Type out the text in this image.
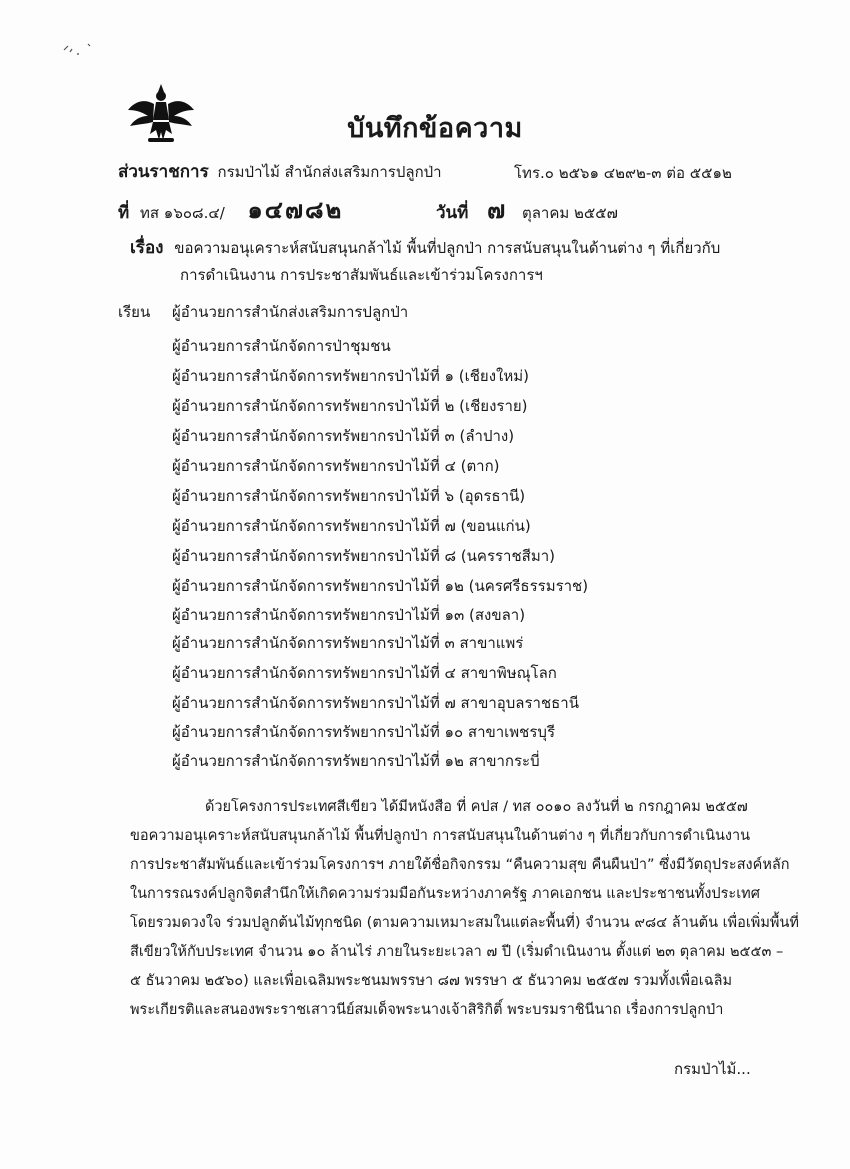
บันทึกข้อความ
ส่วนราชการ กรมป่าไม้ สำนักส่งเสริมการปลูกป่า	โทร.๐ ๒๕๖๑ ๔๒๙๒-๓ ต่อ ๕๕๑๒
ที่ ทส ๑๖๐๘.๔/ ๑๔๗๘๒	วันที่ ๗ ตุลาคม ๒๕๕๗
เรื่อง ขอความอนุเคราะห์สนับสนุนกล้าไม้ พื้นที่ปลูกป่า การสนับสนุนในด้านต่าง ๆ ที่เกี่ยวกับ
การดำเนินงาน การประชาสัมพันธ์และเข้าร่วมโครงการฯ
เรียน ผู้อำนวยการสำนักส่งเสริมการปลูกป่า
ผู้อำนวยการสำนักจัดการป่าชุมชน
ผู้อำนวยการสำนักจัดการทรัพยากรป่าไม้ที่ ๑ (เชียงใหม่)
ผู้อำนวยการสำนักจัดการทรัพยากรป่าไม้ที่ ๒ (เชียงราย)
ผู้อำนวยการสำนักจัดการทรัพยากรป่าไม้ที่ ๓ (ลำปาง)
ผู้อำนวยการสำนักจัดการทรัพยากรป่าไม้ที่ ๔ (ตาก)
ผู้อำนวยการสำนักจัดการทรัพยากรป่าไม้ที่ ๖ (อุดรธานี)
ผู้อำนวยการสำนักจัดการทรัพยากรป่าไม้ที่ ๗ (ขอนแก่น)
ผู้อำนวยการสำนักจัดการทรัพยากรป่าไม้ที่ ๘ (นครราชสีมา)
ผู้อำนวยการสำนักจัดการทรัพยากรป่าไม้ที่ ๑๒ (นครศรีธรรมราช)
ผู้อำนวยการสำนักจัดการทรัพยากรป่าไม้ที่ ๑๓ (สงขลา)
ผู้อำนวยการสำนักจัดการทรัพยากรป่าไม้ที่ ๓ สาขาแพร่
ผู้อำนวยการสำนักจัดการทรัพยากรป่าไม้ที่ ๔ สาขาพิษณุโลก
ผู้อำนวยการสำนักจัดการทรัพยากรป่าไม้ที่ ๗ สาขาอุบลราชธานี
ผู้อำนวยการสำนักจัดการทรัพยากรป่าไม้ที่ ๑๐ สาขาเพชรบุรี
ผู้อำนวยการสำนักจัดการทรัพยากรป่าไม้ที่ ๑๒ สาขากระบี่
ด้วยโครงการประเทศสีเขียว ได้มีหนังสือ ที่ คปส / ทส ๐๐๑๐ ลงวันที่ ๒ กรกฎาคม ๒๕๕๗
ขอความอนุเคราะห์สนับสนุนกล้าไม้ พื้นที่ปลูกป่า การสนับสนุนในด้านต่าง ๆ ที่เกี่ยวกับการดำเนินงาน
การประชาสัมพันธ์และเข้าร่วมโครงการฯ ภายใต้ชื่อกิจกรรม “คืนความสุข คืนผืนป่า” ซึ่งมีวัตถุประสงค์หลัก
ในการรณรงค์ปลูกจิตสำนึกให้เกิดความร่วมมือกันระหว่างภาครัฐ ภาคเอกชน และประชาชนทั้งประเทศ
โดยรวมดวงใจ ร่วมปลูกต้นไม้ทุกชนิด (ตามความเหมาะสมในแต่ละพื้นที่) จำนวน ๙๘๔ ล้านต้น เพื่อเพิ่มพื้นที่
สีเขียวให้กับประเทศ จำนวน ๑๐ ล้านไร่ ภายในระยะเวลา ๗ ปี (เริ่มดำเนินงาน ตั้งแต่ ๒๓ ตุลาคม ๒๕๕๓ –
๕ ธันวาคม ๒๕๖๐) และเพื่อเฉลิมพระชนมพรรษา ๘๗ พรรษา ๕ ธันวาคม ๒๕๕๗ รวมทั้งเพื่อเฉลิม
พระเกียรติและสนองพระราชเสาวนีย์สมเด็จพระนางเจ้าสิริกิติ์ พระบรมราชินีนาถ เรื่องการปลูกป่า
กรมป่าไม้...
